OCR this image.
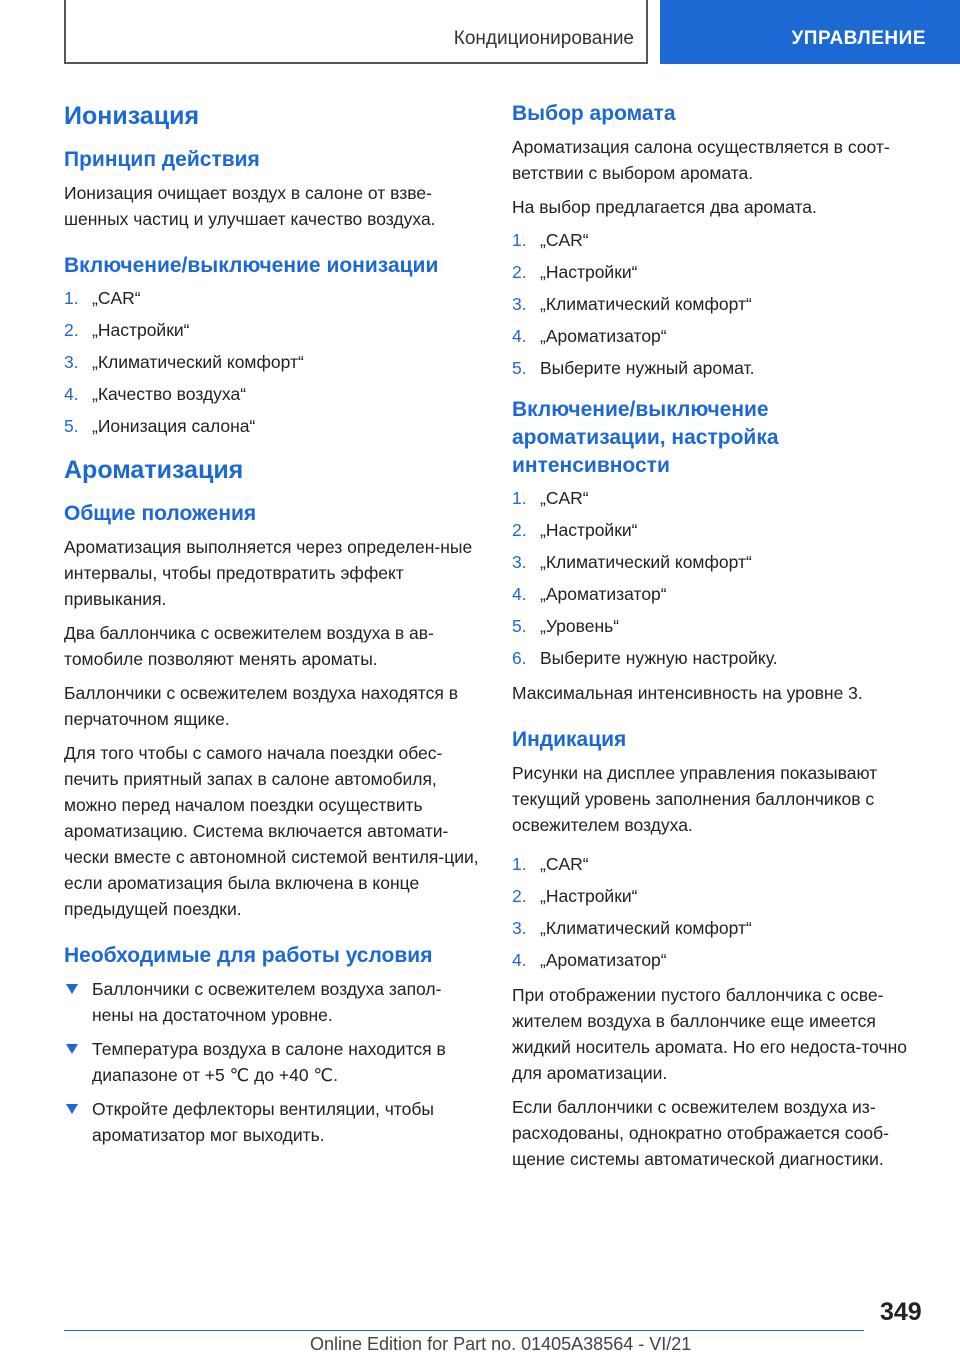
Кондиционирование	УПРАВЛЕНИЕ
Ионизация
Принцип действия

Ионизация очищает воздух в салоне от взве-шенных частиц и улучшает качество воздуха.

Включение/выключение ионизации
1. „CAR“
2. „Настройки“
3. „Климатический комфорт“
4. „Качество воздуха“
5. „Ионизация салона“
Ароматизация
Общие положения

Ароматизация выполняется через определен-ные интервалы, чтобы предотвратить эффект привыкания.

Два баллончика с освежителем воздуха в ав-томобиле позволяют менять ароматы.

Баллончики с освежителем воздуха находятся в перчаточном ящике.

Для того чтобы с самого начала поездки обес-печить приятный запах в салоне автомобиля, можно перед началом поездки осуществить ароматизацию. Система включается автомати-чески вместе с автономной системой вентиля-ции, если ароматизация была включена в конце предыдущей поездки.

Необходимые для работы условия
Баллончики с освежителем воздуха запол-нены на достаточном уровне.
Температура воздуха в салоне находится в диапазоне от +5 ℃ до +40 ℃.
Откройте дефлекторы вентиляции, чтобы ароматизатор мог выходить.
Выбор аромата

Ароматизация салона осуществляется в соот-ветствии с выбором аромата.

На выбор предлагается два аромата.

1. „CAR“
2. „Настройки“
3. „Климатический комфорт“
4. „Ароматизатор“
5. Выберите нужный аромат.
Включение/выключение ароматизации, настройка интенсивности
1. „CAR“
2. „Настройки“
3. „Климатический комфорт“
4. „Ароматизатор“
5. „Уровень“
6. Выберите нужную настройку.

Максимальная интенсивность на уровне 3.

Индикация

Рисунки на дисплее управления показывают текущий уровень заполнения баллончиков с освежителем воздуха.

1. „CAR“
2. „Настройки“
3. „Климатический комфорт“
4. „Ароматизатор“

При отображении пустого баллончика с осве-жителем воздуха в баллончике еще имеется жидкий носитель аромата. Но его недоста-точно для ароматизации.

Если баллончики с освежителем воздуха из-расходованы, однократно отображается сооб-щение системы автоматической диагностики.

349
Online Edition for Part no. 01405A38564 - VI/21
